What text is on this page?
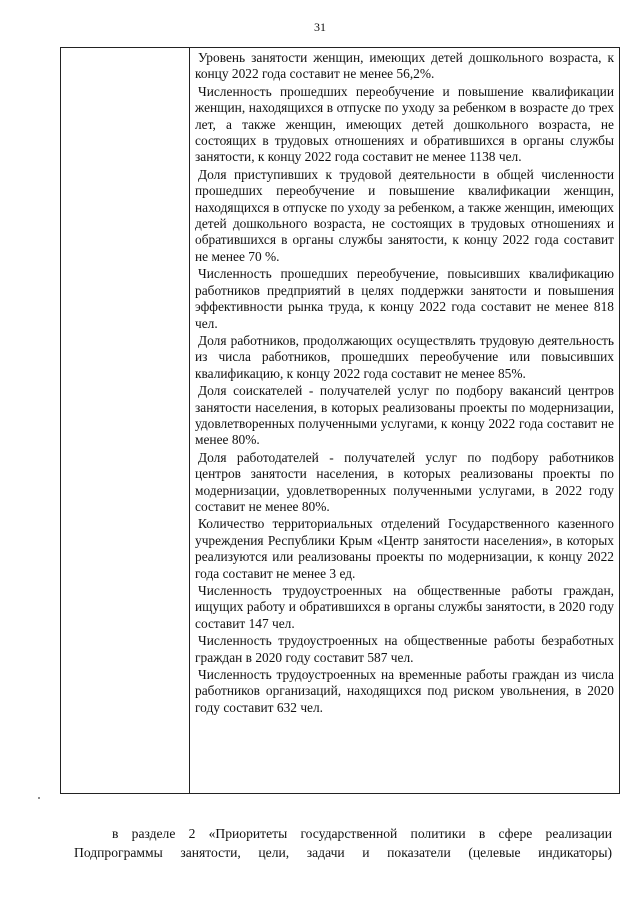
31

Уровень занятости женщин, имеющих детей дошкольного возраста, к концу 2022 года составит не менее 56,2%.

Численность прошедших переобучение и повышение квалификации женщин, находящихся в отпуске по уходу за ребенком в возрасте до трех лет, а также женщин, имеющих детей дошкольного возраста, не состоящих в трудовых отношениях и обратившихся в органы службы занятости, к концу 2022 года составит не менее 1138 чел.

Доля приступивших к трудовой деятельности в общей численности прошедших переобучение и повышение квалификации женщин, находящихся в отпуске по уходу за ребенком, а также женщин, имеющих детей дошкольного возраста, не состоящих в трудовых отношениях и обратившихся в органы службы занятости, к концу 2022 года составит не менее 70 %.

Численность прошедших переобучение, повысивших квалификацию работников предприятий в целях поддержки занятости и повышения эффективности рынка труда, к концу 2022 года составит не менее 818 чел.

Доля работников, продолжающих осуществлять трудовую деятельность из числа работников, прошедших переобучение или повысивших квалификацию, к концу 2022 года составит не менее 85%.

Доля соискателей - получателей услуг по подбору вакансий центров занятости населения, в которых реализованы проекты по модернизации, удовлетворенных полученными услугами, к концу 2022 года составит не менее 80%.

Доля работодателей - получателей услуг по подбору работников центров занятости населения, в которых реализованы проекты по модернизации, удовлетворенных полученными услугами, в 2022 году составит не менее 80%.

Количество территориальных отделений Государственного казенного учреждения Республики Крым «Центр занятости населения», в которых реализуются или реализованы проекты по модернизации, к концу 2022 года составит не менее 3 ед.

Численность трудоустроенных на общественные работы граждан, ищущих работу и обратившихся в органы службы занятости, в 2020 году составит 147 чел.

Численность трудоустроенных на общественные работы безработных граждан в 2020 году составит 587 чел.

Численность трудоустроенных на временные работы граждан из числа работников организаций, находящихся под риском увольнения, в 2020 году составит 632 чел.

в разделе 2 «Приоритеты государственной политики в сфере реализации Подпрограммы занятости, цели, задачи и показатели (целевые индикаторы)
